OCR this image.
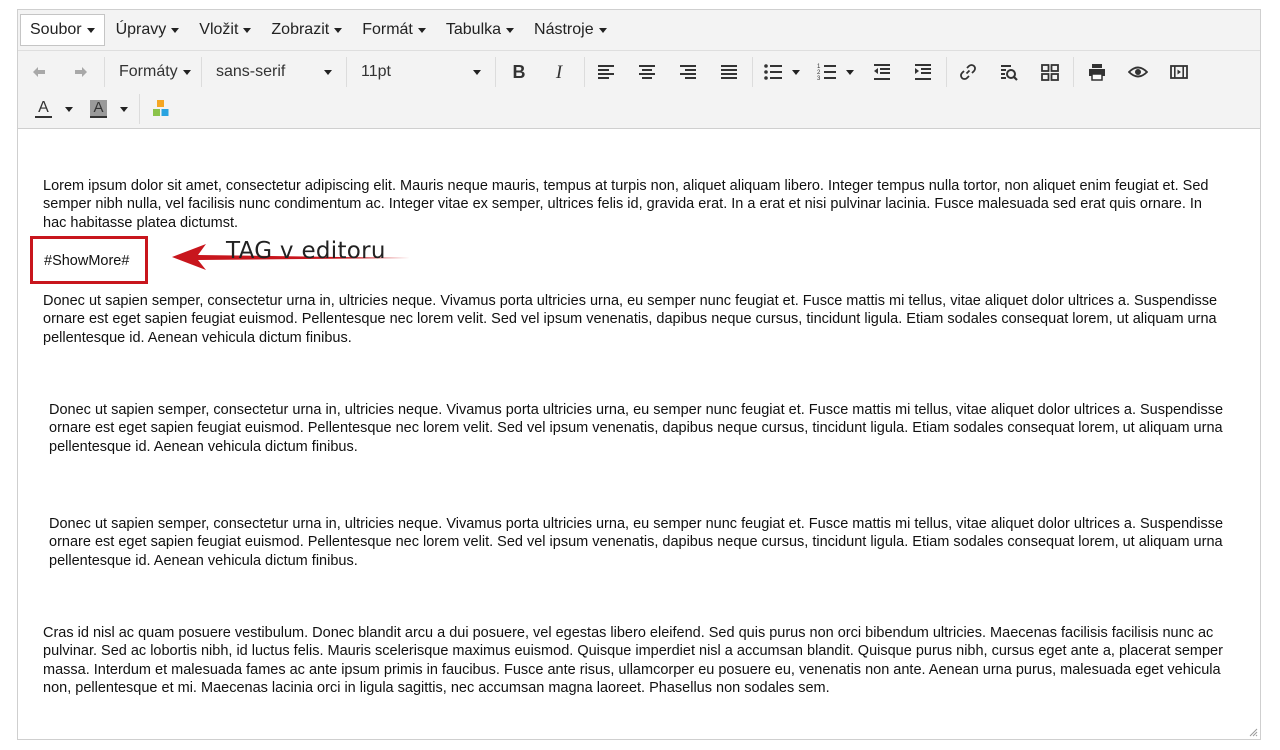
Soubor Úpravy Vložit Zobrazit Formát Tabulka Nástroje
Formáty sans-serif	11pt	B I	1
2
3
A	A

Lorem ipsum dolor sit amet, consectetur adipiscing elit. Mauris neque mauris, tempus at turpis non, aliquet aliquam libero. Integer tempus nulla tortor, non aliquet enim feugiat et. Sed semper nibh nulla, vel facilisis nunc condimentum ac. Integer vitae ex semper, ultrices felis id, gravida erat. In a erat et nisi pulvinar lacinia. Fusce malesuada sed erat quis ornare. In hac habitasse platea dictumst.

#ShowMore#	TAG v editoru

Donec ut sapien semper, consectetur urna in, ultricies neque. Vivamus porta ultricies urna, eu semper nunc feugiat et. Fusce mattis mi tellus, vitae aliquet dolor ultrices a. Suspendisse ornare est eget sapien feugiat euismod. Pellentesque nec lorem velit. Sed vel ipsum venenatis, dapibus neque cursus, tincidunt ligula. Etiam sodales consequat lorem, ut aliquam urna pellentesque id. Aenean vehicula dictum finibus.

Donec ut sapien semper, consectetur urna in, ultricies neque. Vivamus porta ultricies urna, eu semper nunc feugiat et. Fusce mattis mi tellus, vitae aliquet dolor ultrices a. Suspendisse ornare est eget sapien feugiat euismod. Pellentesque nec lorem velit. Sed vel ipsum venenatis, dapibus neque cursus, tincidunt ligula. Etiam sodales consequat lorem, ut aliquam urna pellentesque id. Aenean vehicula dictum finibus.

Donec ut sapien semper, consectetur urna in, ultricies neque. Vivamus porta ultricies urna, eu semper nunc feugiat et. Fusce mattis mi tellus, vitae aliquet dolor ultrices a. Suspendisse ornare est eget sapien feugiat euismod. Pellentesque nec lorem velit. Sed vel ipsum venenatis, dapibus neque cursus, tincidunt ligula. Etiam sodales consequat lorem, ut aliquam urna pellentesque id. Aenean vehicula dictum finibus.

Cras id nisl ac quam posuere vestibulum. Donec blandit arcu a dui posuere, vel egestas libero eleifend. Sed quis purus non orci bibendum ultricies. Maecenas facilisis facilisis nunc ac pulvinar. Sed ac lobortis nibh, id luctus felis. Mauris scelerisque maximus euismod. Quisque imperdiet nisl a accumsan blandit. Quisque purus nibh, cursus eget ante a, placerat semper massa. Interdum et malesuada fames ac ante ipsum primis in faucibus. Fusce ante risus, ullamcorper eu posuere eu, venenatis non ante. Aenean urna purus, malesuada eget vehicula non, pellentesque et mi. Maecenas lacinia orci in ligula sagittis, nec accumsan magna laoreet. Phasellus non sodales sem.
